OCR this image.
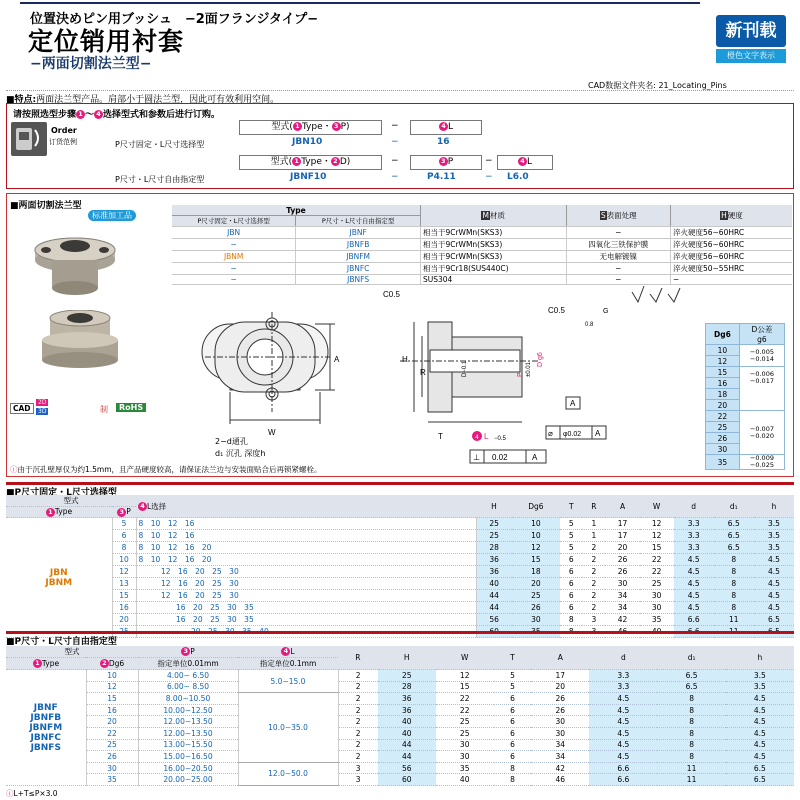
位置決めピン用ブッシュ　−2面フランジタイプ−
定位销用衬套
−两面切割法兰型−
新刊载
橙色文字表示
CAD数据文件夹名: 21_Locating_Pins
■特点:两面法兰型产品。肩部小于圆法兰型，因此可有效利用空间。
请按照选型步骤 1 ～ 4 选择型式和参数后进行订购。
Order
订货范例	P尺寸固定・L尺寸选择型
P尺寸・L尺寸自由指定型
型式( 1 Type・ 3 P)	−	4 L
JBN10	−	16
型式( 1 Type・ 2 D)	−	3 P	−	4 L
JBNF10	−	P4.11	− L6.0
■两面切割法兰型
标准加工品
CAD
2D
3D	制	RoHS
Type		M材质	S表面处理	H硬度
P尺寸固定・L尺寸选择型	P尺寸・L尺寸自由指定型			
JBN	JBNF	相当于9CrWMn(SKS3)	−	淬火硬度56∼60HRC
−	JBNFB	相当于9CrWMn(SKS3)	四氧化三铁保护膜	淬火硬度56∼60HRC
JBNM	JBNFM	相当于9CrWMn(SKS3)	无电解镀镍	淬火硬度56∼60HRC
−	JBNFC	相当于9Cr18(SUS440C)	−	淬火硬度50∼55HRC
−	JBNFS	SUS304	−	−
C0.5
C0.5	G
0.8
H
A
W
R
T
D−0.1	P ±0.01
D g6
A
2−d通孔
d₁ 沉孔 深度h
4 L −0.5
⌀ φ0.02 A
⊥ 0.02	A
Dg6	D公差
	g6
10	−0.005
−0.014
12	
15	−0.006
−0.017
16	
18	
20	
22	−0.007
−0.020
25	
26	
30	
35	−0.009
−0.025
ⓘ由于沉孔壁厚仅为约1.5mm，且产品硬度较高，请保证法兰边与安装面贴合后再锁紧螺栓。
■P尺寸固定・L尺寸选择型
型式		4 L选择	H	Dg6	T	R	A	W	d	d₁	h
1 Type	3 P										

JBN
JBNM	5	8　10　12　16	25	10	5	1	17	12	3.3	6.5	3.5
	6	8　10　12　16	25	10	5	1	17	12	3.3	6.5	3.5
	8	8　10　12　16　20	28	12	5	2	20	15	3.3	6.5	3.5
	10	8　10　12　16　20	36	15	6	2	26	22	4.5	8	4.5
	12	　　　12　16　20　25　30	36	18	6	2	26	22	4.5	8	4.5
	13	　　　12　16　20　25　30	40	20	6	2	30	25	4.5	8	4.5
	15	　　　12　16　20　25　30	44	25	6	2	34	30	4.5	8	4.5
	16	　　　　　16　20　25　30　35	44	26	6	2	34	30	4.5	8	4.5
	20	　　　　　16　20　25　30　35	56	30	8	3	42	35	6.6	11	6.5

■P尺寸・L尺寸自由指定型
型式		3 P	4 L	R	H	W	T	A	d	d₁	h
1 Type	2 Dg6	指定单位0.01mm	指定单位0.1mm								

JBNF
JBNFB
JBNFM
JBNFC
JBNFS	10	4.00∼ 6.50	5.0∼15.0	2	25	12	5	17	3.3	6.5	3.5
	12	6.00∼ 8.50		2	28	15	5	20	3.3	6.5	3.5
	15	8.00∼10.50	10.0∼35.0	2	36	22	6	26	4.5	8	4.5
	16	10.00∼12.50		2	36	22	6	26	4.5	8	4.5
	20	12.00∼13.50		2	40	25	6	30	4.5	8	4.5
	22	12.00∼13.50		2	40	25	6	30	4.5	8	4.5
	25	13.00∼15.50		2	44	30	6	34	4.5	8	4.5
	26	15.00∼16.50		2	44	30	6	34	4.5	8	4.5
	30	16.00∼20.50	12.0∼50.0	3	56	35	8	42	6.6	11	6.5
	35	20.00∼25.00		3	60	40	8	46	6.6	11	6.5
ⓘL+T≤P×3.0
